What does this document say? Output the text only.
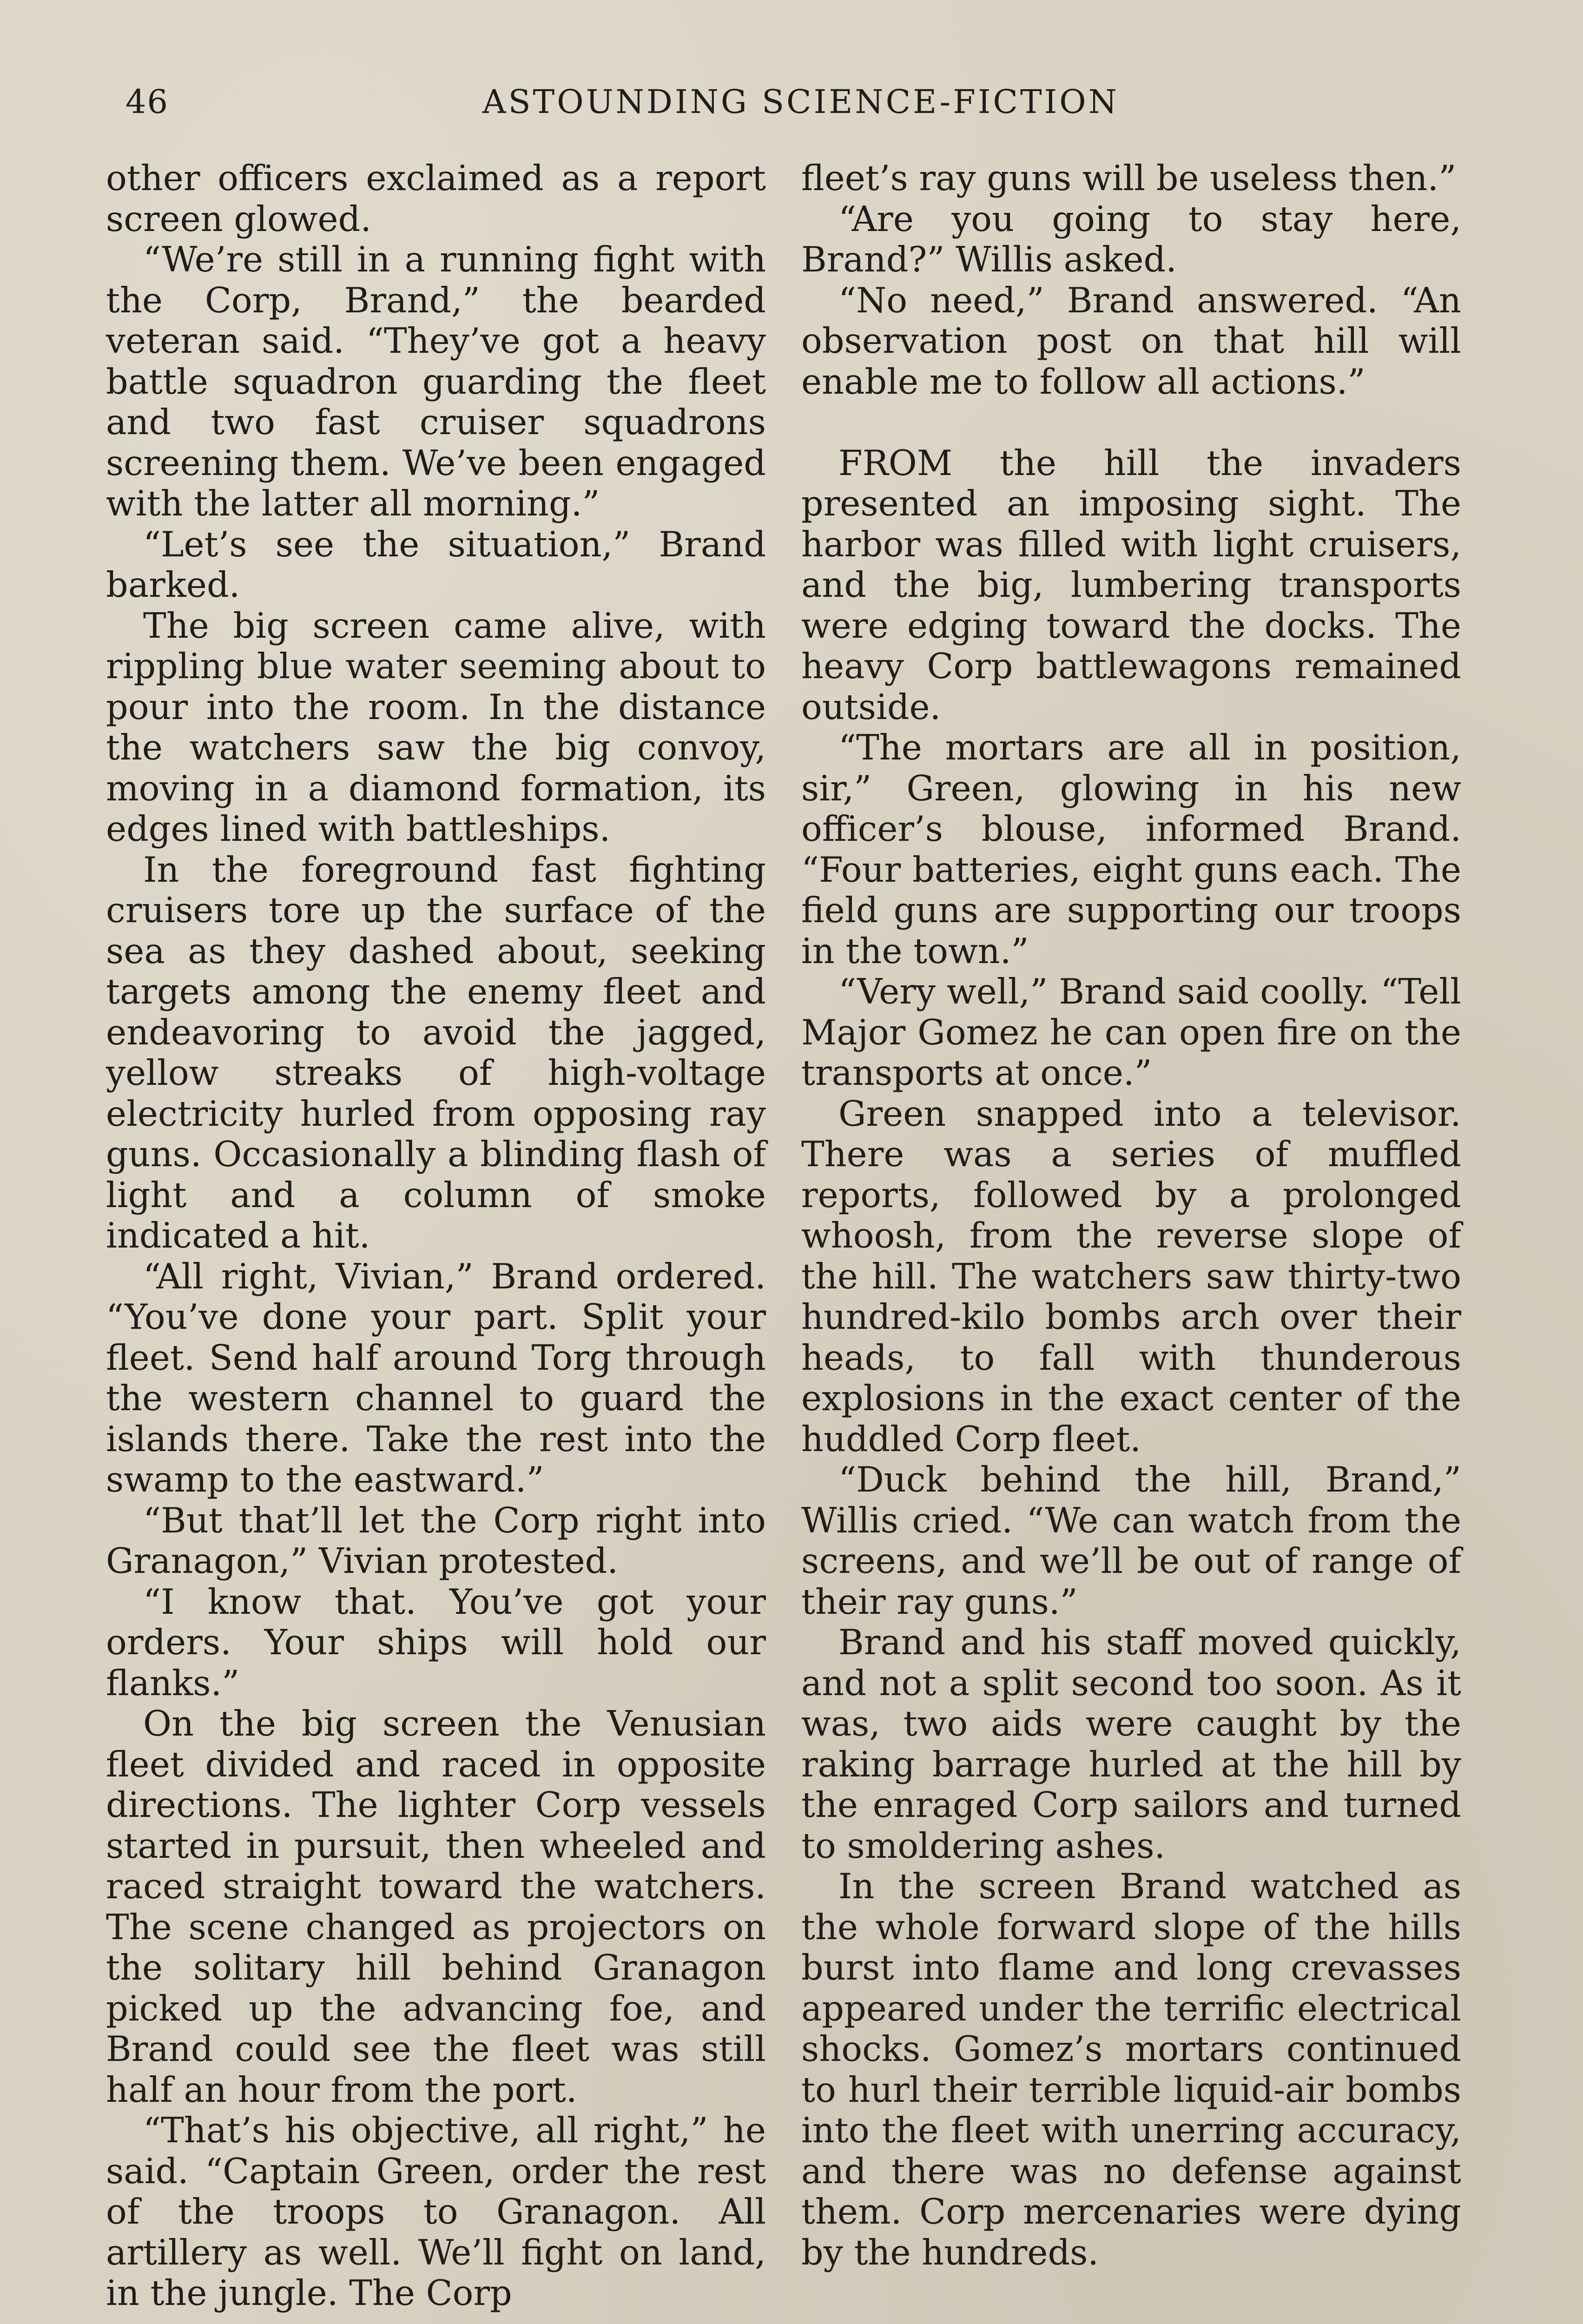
46	ASTOUNDING SCIENCE-FICTION

other officers exclaimed as a report screen glowed.

“We’re still in a running fight with the Corp, Brand,” the bearded veteran said. “They’ve got a heavy battle squadron guarding the fleet and two fast cruiser squadrons screening them. We’ve been engaged with the latter all morning.”

“Let’s see the situation,” Brand barked.

The big screen came alive, with rippling blue water seeming about to pour into the room. In the distance the watchers saw the big convoy, moving in a diamond formation, its edges lined with battleships.

In the foreground fast fighting cruisers tore up the surface of the sea as they dashed about, seeking targets among the enemy fleet and endeavoring to avoid the jagged, yellow streaks of high-voltage electricity hurled from opposing ray guns. Occasionally a blinding flash of light and a column of smoke indicated a hit.

“All right, Vivian,” Brand ordered. “You’ve done your part. Split your fleet. Send half around Torg through the western channel to guard the islands there. Take the rest into the swamp to the eastward.”

“But that’ll let the Corp right into Granagon,” Vivian protested.

“I know that. You’ve got your orders. Your ships will hold our flanks.”

On the big screen the Venusian fleet divided and raced in opposite directions. The lighter Corp vessels started in pursuit, then wheeled and raced straight toward the watchers. The scene changed as projectors on the solitary hill behind Granagon picked up the advancing foe, and Brand could see the fleet was still half an hour from the port.

“That’s his objective, all right,” he said. “Captain Green, order the rest of the troops to Granagon. All artillery as well. We’ll fight on land, in the jungle. The Corp

fleet’s ray guns will be useless then.”

“Are you going to stay here, Brand?” Willis asked.

“No need,” Brand answered. “An observation post on that hill will enable me to follow all actions.”

FROM the hill the invaders presented an imposing sight. The harbor was filled with light cruisers, and the big, lumbering transports were edging toward the docks. The heavy Corp battlewagons remained outside.

“The mortars are all in position, sir,” Green, glowing in his new officer’s blouse, informed Brand. “Four batteries, eight guns each. The field guns are supporting our troops in the town.”

“Very well,” Brand said coolly. “Tell Major Gomez he can open fire on the transports at once.”

Green snapped into a televisor. There was a series of muffled reports, followed by a prolonged whoosh, from the reverse slope of the hill. The watchers saw thirty-two hundred-kilo bombs arch over their heads, to fall with thunderous explosions in the exact center of the huddled Corp fleet.

“Duck behind the hill, Brand,” Willis cried. “We can watch from the screens, and we’ll be out of range of their ray guns.”

Brand and his staff moved quickly, and not a split second too soon. As it was, two aids were caught by the raking barrage hurled at the hill by the enraged Corp sailors and turned to smoldering ashes.

In the screen Brand watched as the whole forward slope of the hills burst into flame and long crevasses appeared under the terrific electrical shocks. Gomez’s mortars continued to hurl their terrible liquid-air bombs into the fleet with unerring accuracy, and there was no defense against them. Corp mercenaries were dying by the hundreds.
